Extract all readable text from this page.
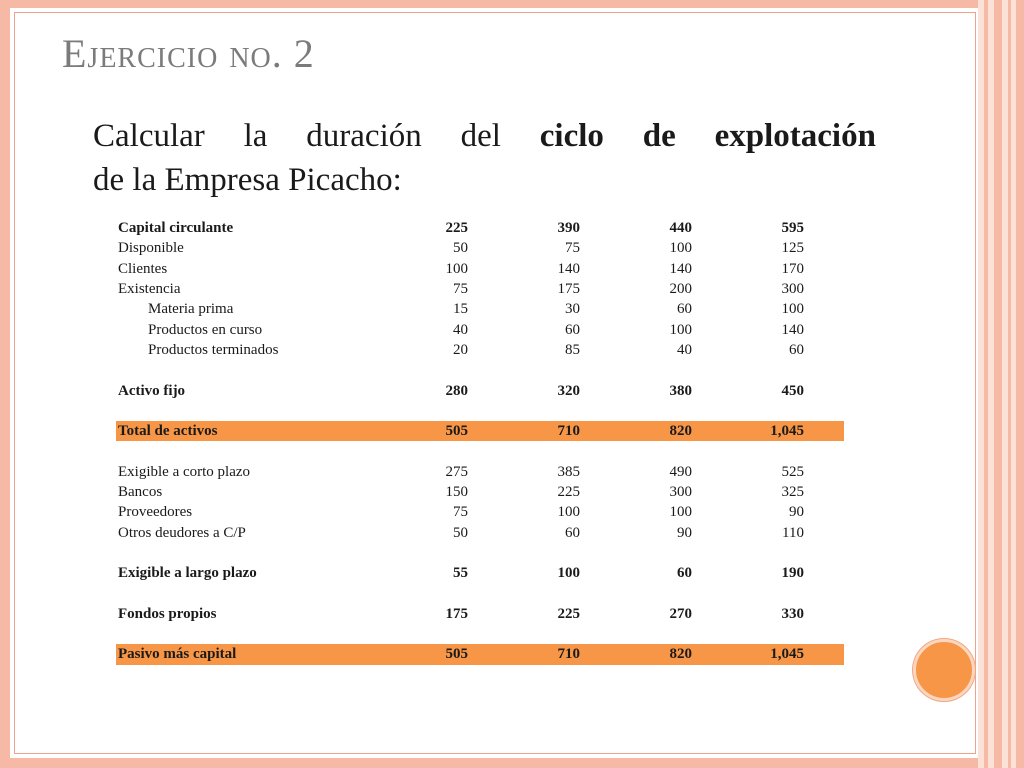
Ejercicio no. 2
Calcular la duración del ciclo de explotación
de la Empresa Picacho:
Capital circulante	225	390	440	595	
Disponible	50	75	100	125	
Clientes	100	140	140	170	
Existencia	75	175	200	300	
Materia prima	15	30	60	100	
Productos en curso	40	60	100	140	
Productos terminados	20	85	40	60	

Activo fijo	280	320	380	450	

Total de activos	505	710	820	1,045	

Exigible a corto plazo	275	385	490	525	
Bancos	150	225	300	325	
Proveedores	75	100	100	90	
Otros deudores a C/P	50	60	90	110	

Exigible a largo plazo	55	100	60	190	

Fondos propios	175	225	270	330	

Pasivo más capital	505	710	820	1,045	
